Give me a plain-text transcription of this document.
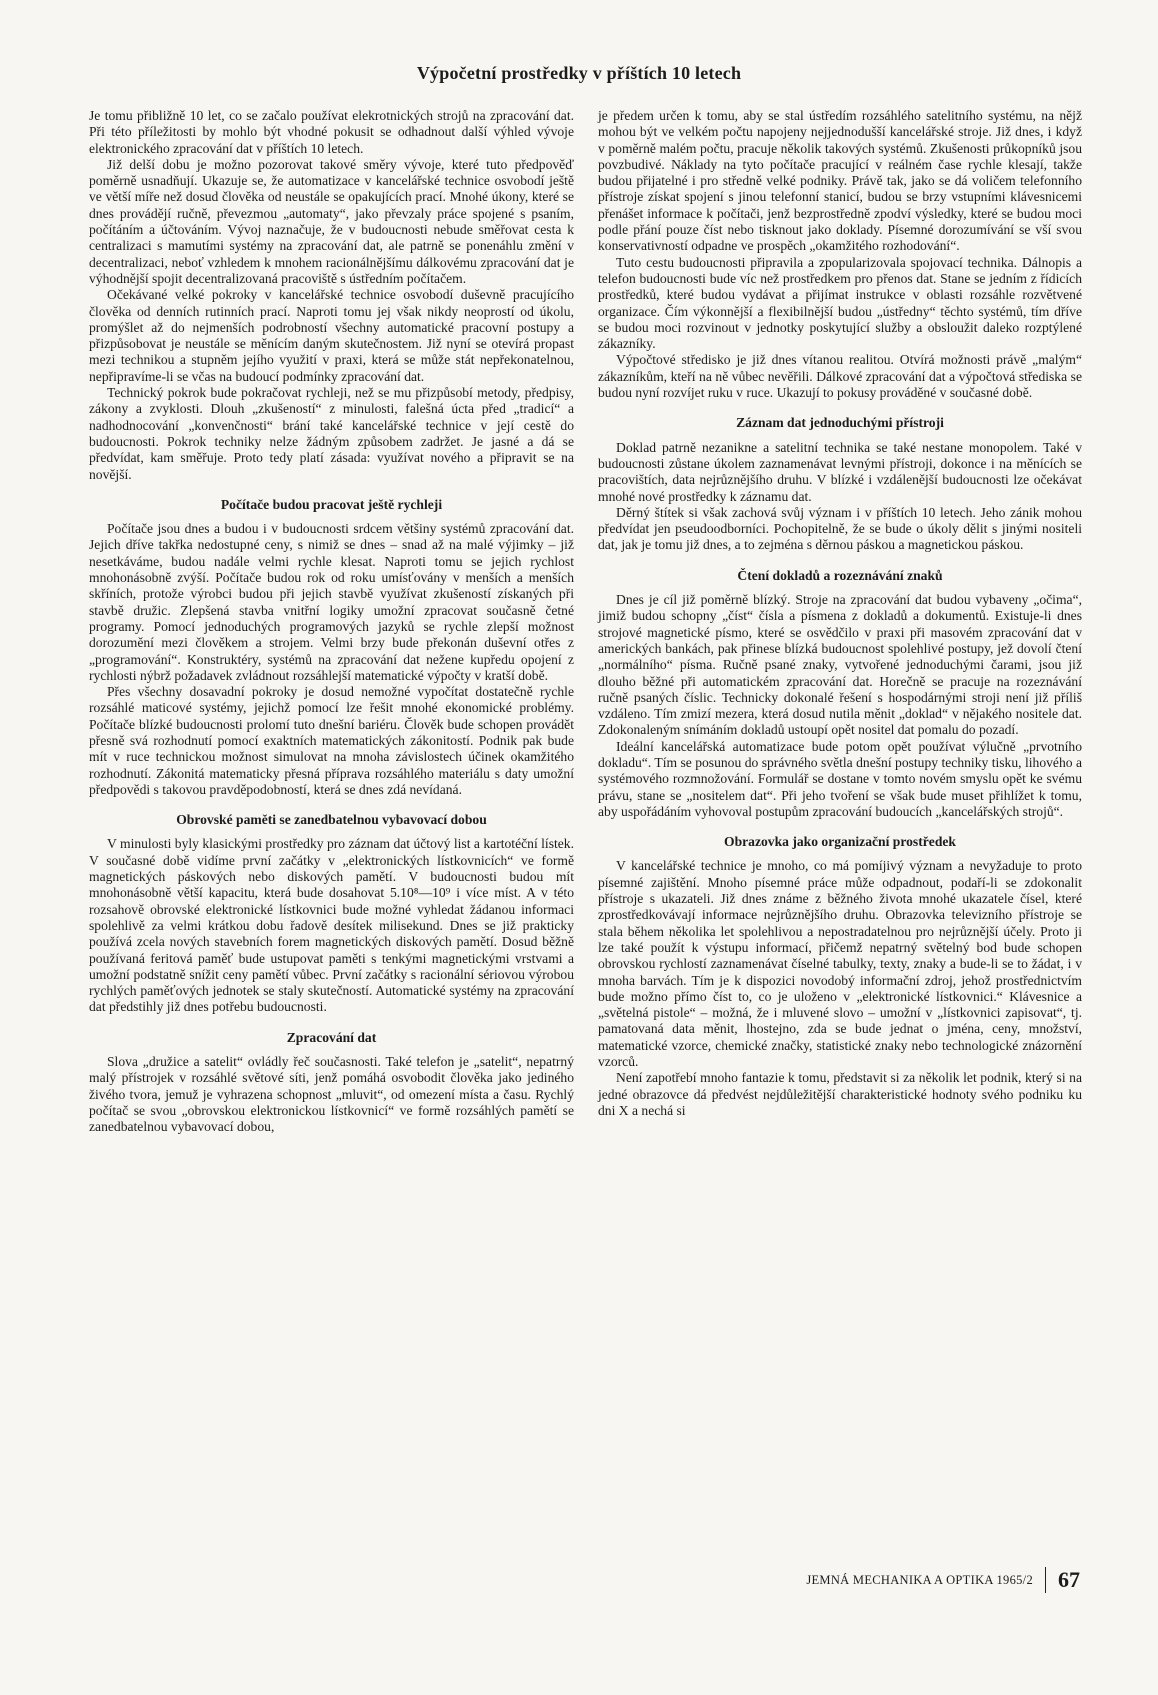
Výpočetní prostředky v příštích 10 letech

Je tomu přibližně 10 let, co se začalo používat elekrotnických strojů na zpracování dat. Při této příležitosti by mohlo být vhodné pokusit se odhadnout další výhled vývoje elektronického zpracování dat v příštích 10 letech.

Již delší dobu je možno pozorovat takové směry vývoje, které tuto předpověď poměrně usnadňují. Ukazuje se, že automatizace v kancelářské technice osvobodí ještě ve větší míře než dosud člověka od neustále se opakujících prací. Mnohé úkony, které se dnes provádějí ručně, převezmou „automaty“, jako převzaly práce spojené s psaním, počítáním a účtováním. Vývoj naznačuje, že v budoucnosti nebude směřovat cesta k centralizaci s mamutími systémy na zpracování dat, ale patrně se ponenáhlu změní v decentralizaci, neboť vzhledem k mnohem racionálnějšímu dálkovému zpracování dat je výhodnější spojit decentralizovaná pracoviště s ústředním počítačem.

Očekávané velké pokroky v kancelářské technice osvobodí duševně pracujícího člověka od denních rutinních prací. Naproti tomu jej však nikdy neoprostí od úkolu, promýšlet až do nejmenších podrobností všechny automatické pracovní postupy a přizpůsobovat je neustále se měnícím daným skutečnostem. Již nyní se otevírá propast mezi technikou a stupněm jejího využití v praxi, která se může stát nepřekonatelnou, nepřipravíme-li se včas na budoucí podmínky zpracování dat.

Technický pokrok bude pokračovat rychleji, než se mu přizpůsobí metody, předpisy, zákony a zvyklosti. Dlouh „zkušeností“ z minulosti, falešná úcta před „tradicí“ a nadhodnocování „konvenčnosti“ brání také kancelářské technice v její cestě do budoucnosti. Pokrok techniky nelze žádným způsobem zadržet. Je jasné a dá se předvídat, kam směřuje. Proto tedy platí zásada: využívat nového a připravit se na novější.

Počítače budou pracovat ještě rychleji

Počítače jsou dnes a budou i v budoucnosti srdcem většiny systémů zpracování dat. Jejich dříve takřka nedostupné ceny, s nimiž se dnes – snad až na malé výjimky – již nesetkáváme, budou nadále velmi rychle klesat. Naproti tomu se jejich rychlost mnohonásobně zvýší. Počítače budou rok od roku umísťovány v menších a menších skříních, protože výrobci budou při jejich stavbě využívat zkušeností získaných při stavbě družic. Zlepšená stavba vnitřní logiky umožní zpracovat současně četné programy. Pomocí jednoduchých programových jazyků se rychle zlepší možnost dorozumění mezi člověkem a strojem. Velmi brzy bude překonán duševní otřes z „programování“. Konstruktéry, systémů na zpracování dat nežene kupředu opojení z rychlosti nýbrž požadavek zvládnout rozsáhlejší matematické výpočty v kratší době.

Přes všechny dosavadní pokroky je dosud nemožné vypočítat dostatečně rychle rozsáhlé maticové systémy, jejichž pomocí lze řešit mnohé ekonomické problémy. Počítače blízké budoucnosti prolomí tuto dnešní bariéru. Člověk bude schopen provádět přesně svá rozhodnutí pomocí exaktních matematických zákonitostí. Podnik pak bude mít v ruce technickou možnost simulovat na mnoha závislostech účinek okamžitého rozhodnutí. Zákonitá matematicky přesná příprava rozsáhlého materiálu s daty umožní předpovědi s takovou pravděpodobností, která se dnes zdá nevídaná.

Obrovské paměti se zanedbatelnou vybavovací dobou

V minulosti byly klasickými prostředky pro záznam dat účtový list a kartotéční lístek. V současné době vidíme první začátky v „elektronických lístkovnicích“ ve formě magnetických páskových nebo diskových pamětí. V budoucnosti budou mít mnohonásobně větší kapacitu, která bude dosahovat 5.10⁸—10⁹ i více míst. A v této rozsahově obrovské elektronické lístkovnici bude možné vyhledat žádanou informaci spolehlivě za velmi krátkou dobu řadově desítek milisekund. Dnes se již prakticky používá zcela nových stavebních forem magnetických diskových pamětí. Dosud běžně používaná feritová paměť bude ustupovat paměti s tenkými magnetickými vrstvami a umožní podstatně snížit ceny pamětí vůbec. První začátky s racionální sériovou výrobou rychlých paměťových jednotek se staly skutečností. Automatické systémy na zpracování dat předstihly již dnes potřebu budoucnosti.

Zpracování dat

Slova „družice a satelit“ ovládly řeč současnosti. Také telefon je „satelit“, nepatrný malý přístrojek v rozsáhlé světové síti, jenž pomáhá osvobodit člověka jako jediného živého tvora, jemuž je vyhrazena schopnost „mluvit“, od omezení místa a času. Rychlý počítač se svou „obrovskou elektronickou lístkovnicí“ ve formě rozsáhlých pamětí se zanedbatelnou vybavovací dobou,

je předem určen k tomu, aby se stal ústředím rozsáhlého satelitního systému, na nějž mohou být ve velkém počtu napojeny nejjednodušší kancelářské stroje. Již dnes, i když v poměrně malém počtu, pracuje několik takových systémů. Zkušenosti průkopníků jsou povzbudivé. Náklady na tyto počítače pracující v reálném čase rychle klesají, takže budou přijatelné i pro středně velké podniky. Právě tak, jako se dá voličem telefonního přístroje získat spojení s jinou telefonní stanicí, budou se brzy vstupními klávesnicemi přenášet informace k počítači, jenž bezprostředně zpodví výsledky, které se budou moci podle přání pouze číst nebo tisknout jako doklady. Písemné dorozumívání se vší svou konservativností odpadne ve prospěch „okamžitého rozhodování“.

Tuto cestu budoucnosti připravila a zpopularizovala spojovací technika. Dálnopis a telefon budoucnosti bude víc než prostředkem pro přenos dat. Stane se jedním z řídicích prostředků, které budou vydávat a přijímat instrukce v oblasti rozsáhle rozvětvené organizace. Čím výkonnější a flexibilnější budou „ústředny“ těchto systémů, tím dříve se budou moci rozvinout v jednotky poskytující služby a obsloužit daleko rozptýlené zákazníky.

Výpočtové středisko je již dnes vítanou realitou. Otvírá možnosti právě „malým“ zákazníkům, kteří na ně vůbec nevěřili. Dálkové zpracování dat a výpočtová střediska se budou nyní rozvíjet ruku v ruce. Ukazují to pokusy prováděné v současné době.

Záznam dat jednoduchými přístroji

Doklad patrně nezanikne a satelitní technika se také nestane monopolem. Také v budoucnosti zůstane úkolem zaznamenávat levnými přístroji, dokonce i na měnících se pracovištích, data nejrůznějšího druhu. V blízké i vzdálenější budoucnosti lze očekávat mnohé nové prostředky k záznamu dat.

Děrný štítek si však zachová svůj význam i v příštích 10 letech. Jeho zánik mohou předvídat jen pseudoodborníci. Pochopitelně, že se bude o úkoly dělit s jinými nositeli dat, jak je tomu již dnes, a to zejména s děrnou páskou a magnetickou páskou.

Čtení dokladů a rozeznávání znaků

Dnes je cíl již poměrně blízký. Stroje na zpracování dat budou vybaveny „očima“, jimiž budou schopny „číst“ čísla a písmena z dokladů a dokumentů. Existuje-li dnes strojové magnetické písmo, které se osvědčilo v praxi při masovém zpracování dat v amerických bankách, pak přinese blízká budoucnost spolehlivé postupy, jež dovolí čtení „normálního“ písma. Ručně psané znaky, vytvořené jednoduchými čarami, jsou již dlouho běžné při automatickém zpracování dat. Horečně se pracuje na rozeznávání ručně psaných číslic. Technicky dokonalé řešení s hospodárnými stroji není již příliš vzdáleno. Tím zmizí mezera, která dosud nutila měnit „doklad“ v nějakého nositele dat. Zdokonaleným snímáním dokladů ustoupí opět nositel dat pomalu do pozadí.

Ideální kancelářská automatizace bude potom opět používat výlučně „prvotního dokladu“. Tím se posunou do správného světla dnešní postupy techniky tisku, lihového a systémového rozmnožování. Formulář se dostane v tomto novém smyslu opět ke svému právu, stane se „nositelem dat“. Při jeho tvoření se však bude muset přihlížet k tomu, aby uspořádáním vyhovoval postupům zpracování budoucích „kancelářských strojů“.

Obrazovka jako organizační prostředek

V kancelářské technice je mnoho, co má pomíjivý význam a nevyžaduje to proto písemné zajištění. Mnoho písemné práce může odpadnout, podaří-li se zdokonalit přístroje s ukazateli. Již dnes známe z běžného života mnohé ukazatele čísel, které zprostředkovávají informace nejrůznějšího druhu. Obrazovka televizního přístroje se stala během několika let spolehlivou a nepostradatelnou pro nejrůznější účely. Proto ji lze také použít k výstupu informací, přičemž nepatrný světelný bod bude schopen obrovskou rychlostí zaznamenávat číselné tabulky, texty, znaky a bude-li se to žádat, i v mnoha barvách. Tím je k dispozici novodobý informační zdroj, jehož prostřednictvím bude možno přímo číst to, co je uloženo v „elektronické lístkovnici.“ Klávesnice a „světelná pistole“ – možná, že i mluvené slovo – umožní v „lístkovnici zapisovat“, tj. pamatovaná data měnit, lhostejno, zda se bude jednat o jména, ceny, množství, matematické vzorce, chemické značky, statistické znaky nebo technologické znázornění vzorců.

Není zapotřebí mnoho fantazie k tomu, představit si za několik let podnik, který si na jedné obrazovce dá předvést nejdůležitější charakteristické hodnoty svého podniku ku dni X a nechá si

JEMNÁ MECHANIKA A OPTIKA 1965/2 67
